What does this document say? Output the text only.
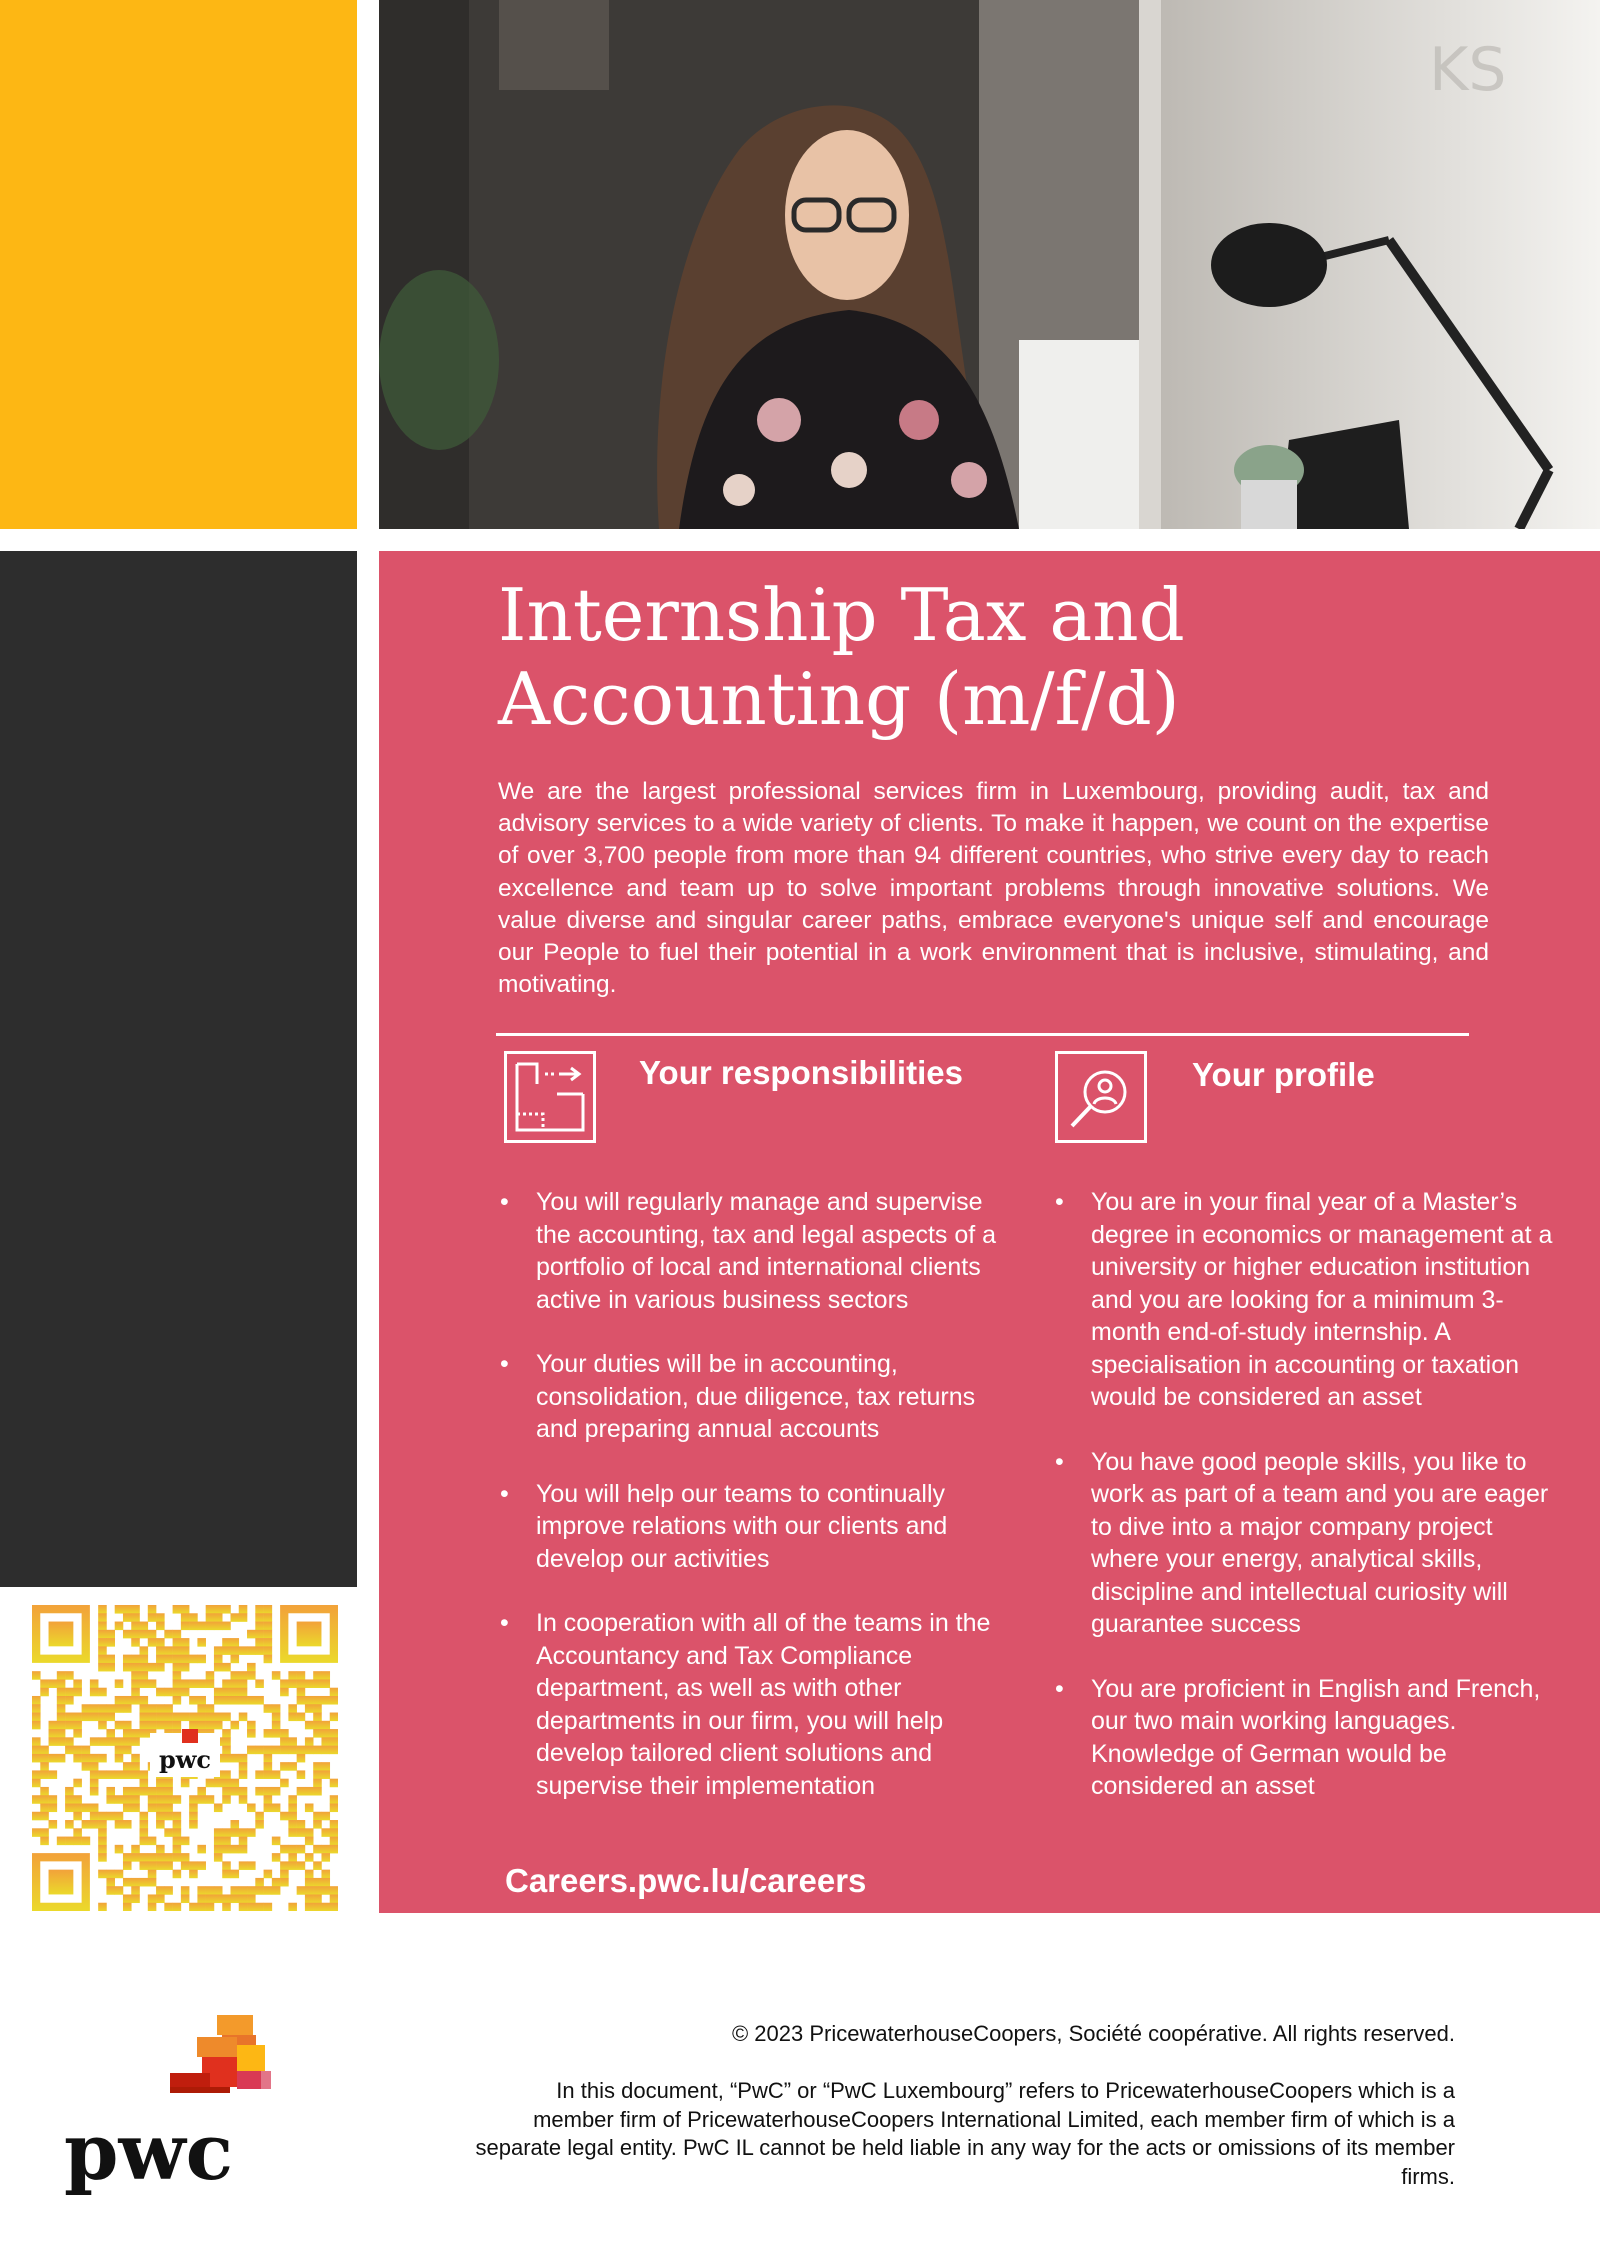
KS
Internship Tax and
Accounting (m/f/d)

We are the largest professional services firm in Luxembourg, providing audit, tax and advisory services to a wide variety of clients. To make it happen, we count on the expertise of over 3,700 people from more than 94 different countries, who strive every day to reach excellence and team up to solve important problems through innovative solutions. We value diverse and singular career paths, embrace everyone's unique self and encourage our People to fuel their potential in a work environment that is inclusive, stimulating, and motivating.

Your responsibilities	Your profile
• You will regularly manage and supervise the accounting, tax and legal aspects of a portfolio of local and international clients active in various business sectors
• Your duties will be in accounting, consolidation, due diligence, tax returns and preparing annual accounts
• You will help our teams to continually improve relations with our clients and develop our activities
• In cooperation with all of the teams in the Accountancy and Tax Compliance department, as well as with other departments in our firm, you will help develop tailored client solutions and supervise their implementation
• You are in your final year of a Master’s degree in economics or management at a university or higher education institution and you are looking for a minimum 3-month end-of-study internship. A specialisation in accounting or taxation would be considered an asset
• You have good people skills, you like to work as part of a team and you are eager to dive into a major company project where your energy, analytical skills, discipline and intellectual curiosity will guarantee success
• You are proficient in English and French, our two main working languages. Knowledge of German would be considered an asset

Careers.pwc.lu/careers

pwc
pwc

© 2023 PricewaterhouseCoopers, Société coopérative. All rights reserved.

In this document, “PwC” or “PwC Luxembourg” refers to PricewaterhouseCoopers which is a member firm of PricewaterhouseCoopers International Limited, each member firm of which is a separate legal entity. PwC IL cannot be held liable in any way for the acts or omissions of its member firms.
